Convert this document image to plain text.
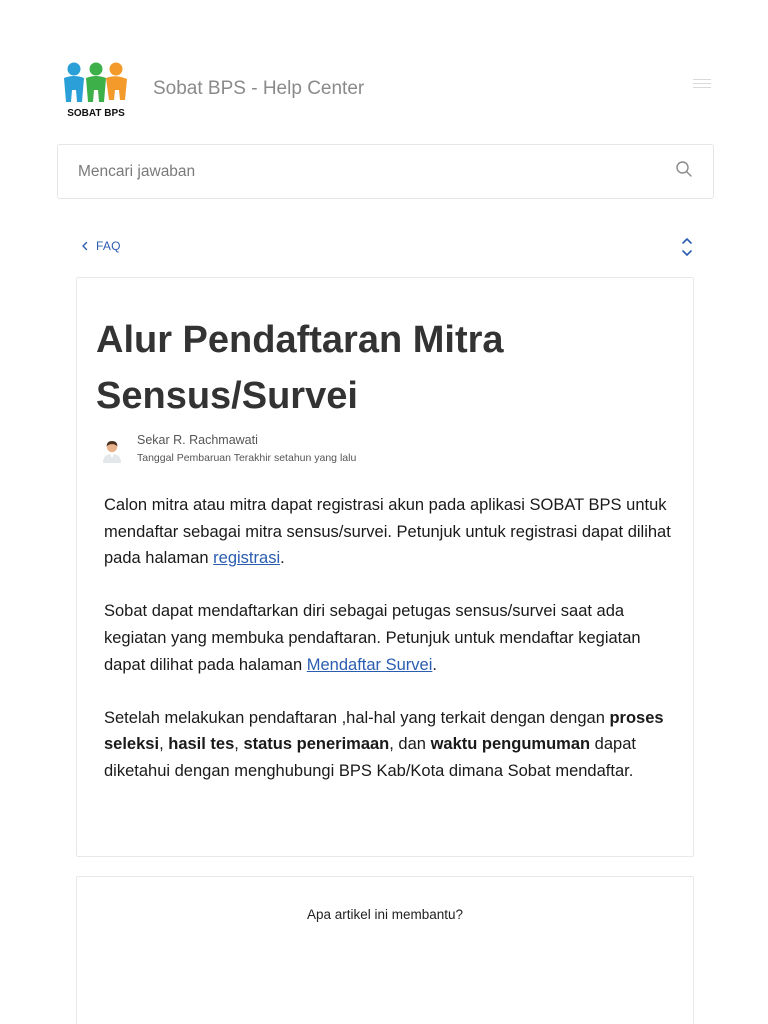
SOBAT BPS
Sobat BPS - Help Center
Mencari jawaban
FAQ
Alur Pendaftaran Mitra Sensus/Survei
Sekar R. Rachmawati
Tanggal Pembaruan Terakhir setahun yang lalu

Calon mitra atau mitra dapat registrasi akun pada aplikasi SOBAT BPS untuk mendaftar sebagai mitra sensus/survei. Petunjuk untuk registrasi dapat dilihat pada halaman registrasi.

Sobat dapat mendaftarkan diri sebagai petugas sensus/survei saat ada kegiatan yang membuka pendaftaran. Petunjuk untuk mendaftar kegiatan dapat dilihat pada halaman Mendaftar Survei.

Setelah melakukan pendaftaran ,hal-hal yang terkait dengan dengan proses seleksi, hasil tes, status penerimaan, dan waktu pengumuman dapat diketahui dengan menghubungi BPS Kab/Kota dimana Sobat mendaftar.

Apa artikel ini membantu?
